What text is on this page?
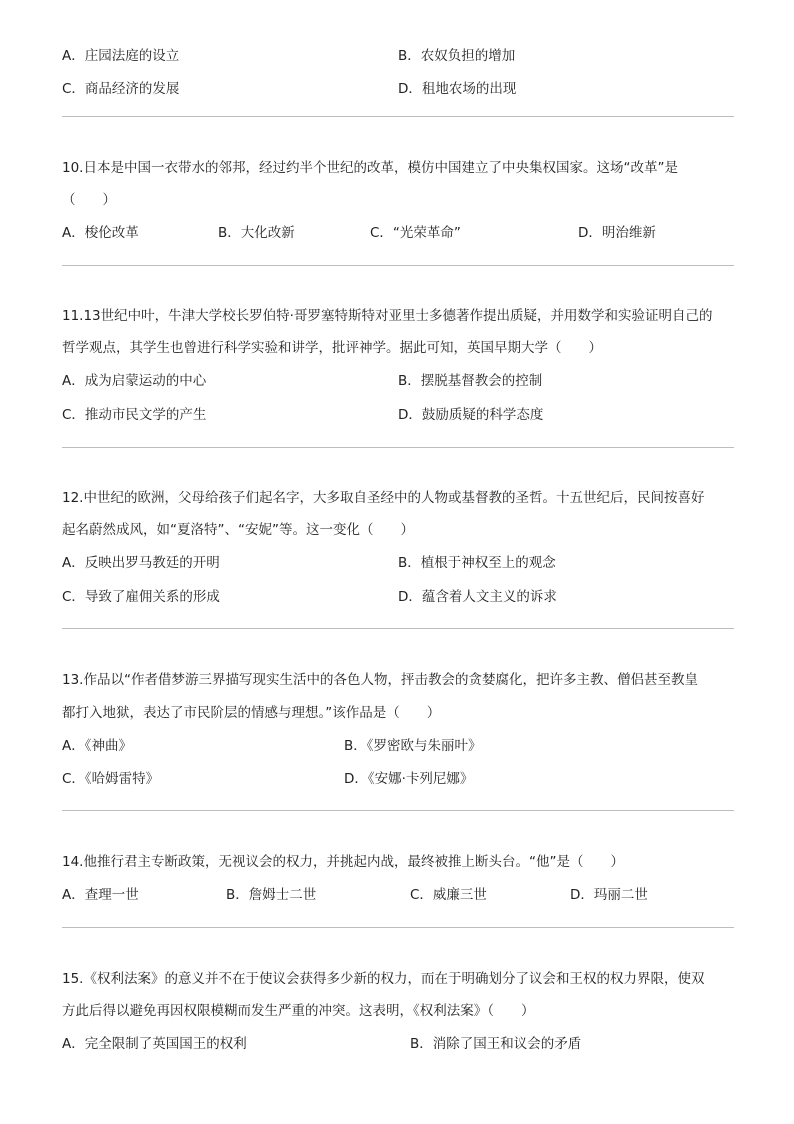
A．庄园法庭的设立	B．农奴负担的增加
C．商品经济的发展	D．租地农场的出现
10.日本是中国一衣带水的邻邦，经过约半个世纪的改革，模仿中国建立了中央集权国家。这场“改革”是
（　　）
A．梭伦改革	B．大化改新	C．“光荣革命”	D．明治维新
11.13世纪中叶，牛津大学校长罗伯特·哥罗塞特斯特对亚里士多德著作提出质疑，并用数学和实验证明自己的
哲学观点，其学生也曾进行科学实验和讲学，批评神学。据此可知，英国早期大学（　　）
A．成为启蒙运动的中心	B．摆脱基督教会的控制
C．推动市民文学的产生	D．鼓励质疑的科学态度
12.中世纪的欧洲，父母给孩子们起名字，大多取自圣经中的人物或基督教的圣哲。十五世纪后，民间按喜好
起名蔚然成风，如“夏洛特”、“安妮”等。这一变化（　　）
A．反映出罗马教廷的开明	B．植根于神权至上的观念
C．导致了雇佣关系的形成	D．蕴含着人文主义的诉求
13.作品以“作者借梦游三界描写现实生活中的各色人物，抨击教会的贪婪腐化，把许多主教、僧侣甚至教皇
都打入地狱，表达了市民阶层的情感与理想。”该作品是（　　）
A．《神曲》	B．《罗密欧与朱丽叶》
C．《哈姆雷特》	D．《安娜·卡列尼娜》
14.他推行君主专断政策，无视议会的权力，并挑起内战，最终被推上断头台。“他”是（　　）
A．查理一世	B．詹姆士二世	C．威廉三世	D．玛丽二世
15.《权利法案》的意义并不在于使议会获得多少新的权力，而在于明确划分了议会和王权的权力界限，使双
方此后得以避免再因权限模糊而发生严重的冲突。这表明，《权利法案》（　　）
A．完全限制了英国国王的权利	B．消除了国王和议会的矛盾
